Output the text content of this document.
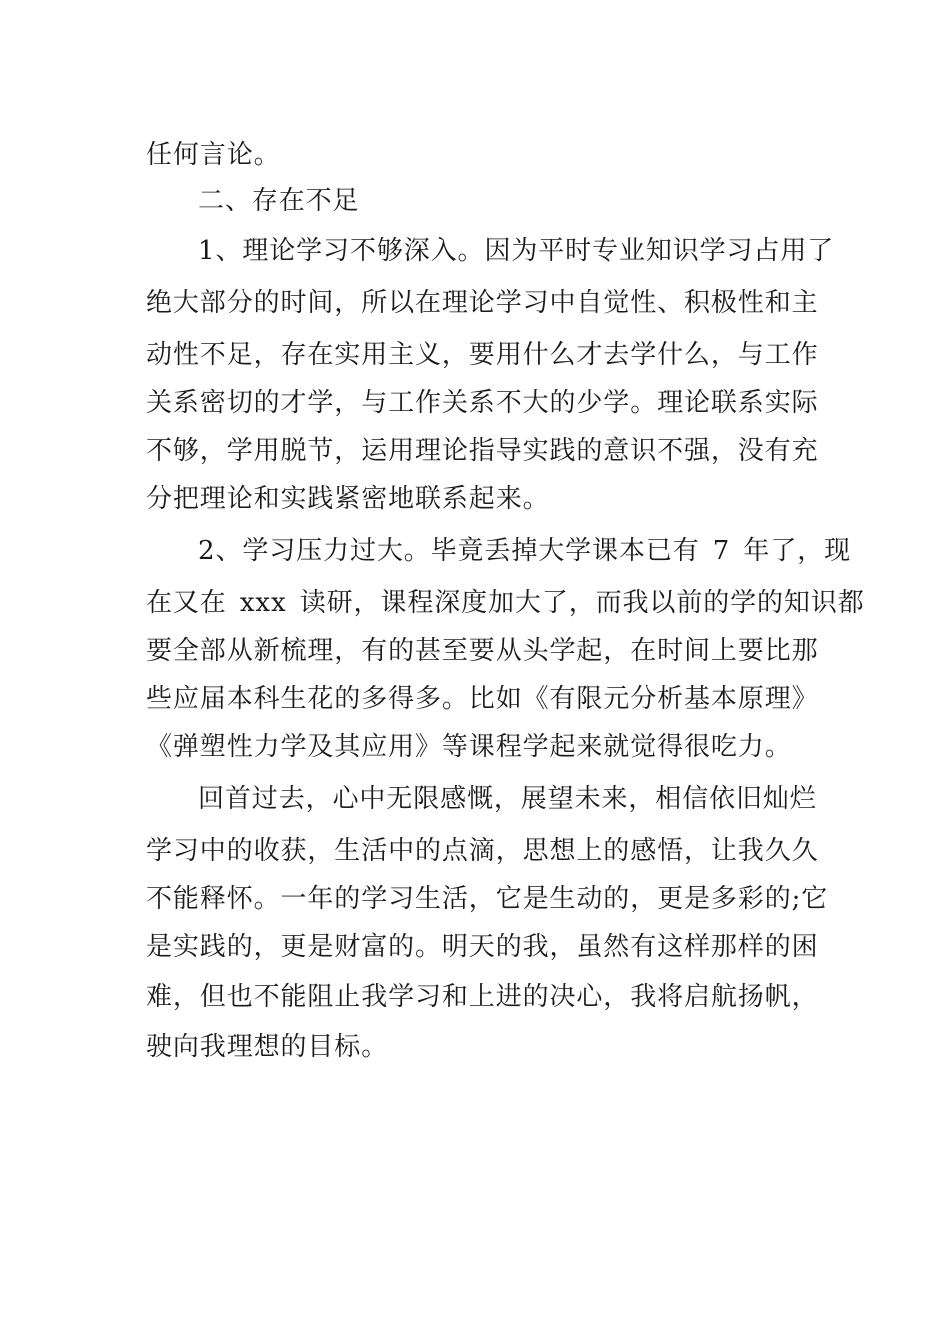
任何言论。
二、存在不足
1、理论学习不够深入。因为平时专业知识学习占用了
绝大部分的时间，所以在理论学习中自觉性、积极性和主
动性不足，存在实用主义，要用什么才去学什么，与工作
关系密切的才学，与工作关系不大的少学。理论联系实际
不够，学用脱节，运用理论指导实践的意识不强，没有充
分把理论和实践紧密地联系起来。
2、学习压力过大。毕竟丢掉大学课本已有 7 年了，现
在又在 xxx 读研，课程深度加大了，而我以前的学的知识都
要全部从新梳理，有的甚至要从头学起，在时间上要比那
些应届本科生花的多得多。比如《有限元分析基本原理》
《弹塑性力学及其应用》等课程学起来就觉得很吃力。
回首过去，心中无限感慨，展望未来，相信依旧灿烂
学习中的收获，生活中的点滴，思想上的感悟，让我久久
不能释怀。一年的学习生活，它是生动的，更是多彩的;它
是实践的，更是财富的。明天的我，虽然有这样那样的困
难，但也不能阻止我学习和上进的决心，我将启航扬帆，
驶向我理想的目标。
